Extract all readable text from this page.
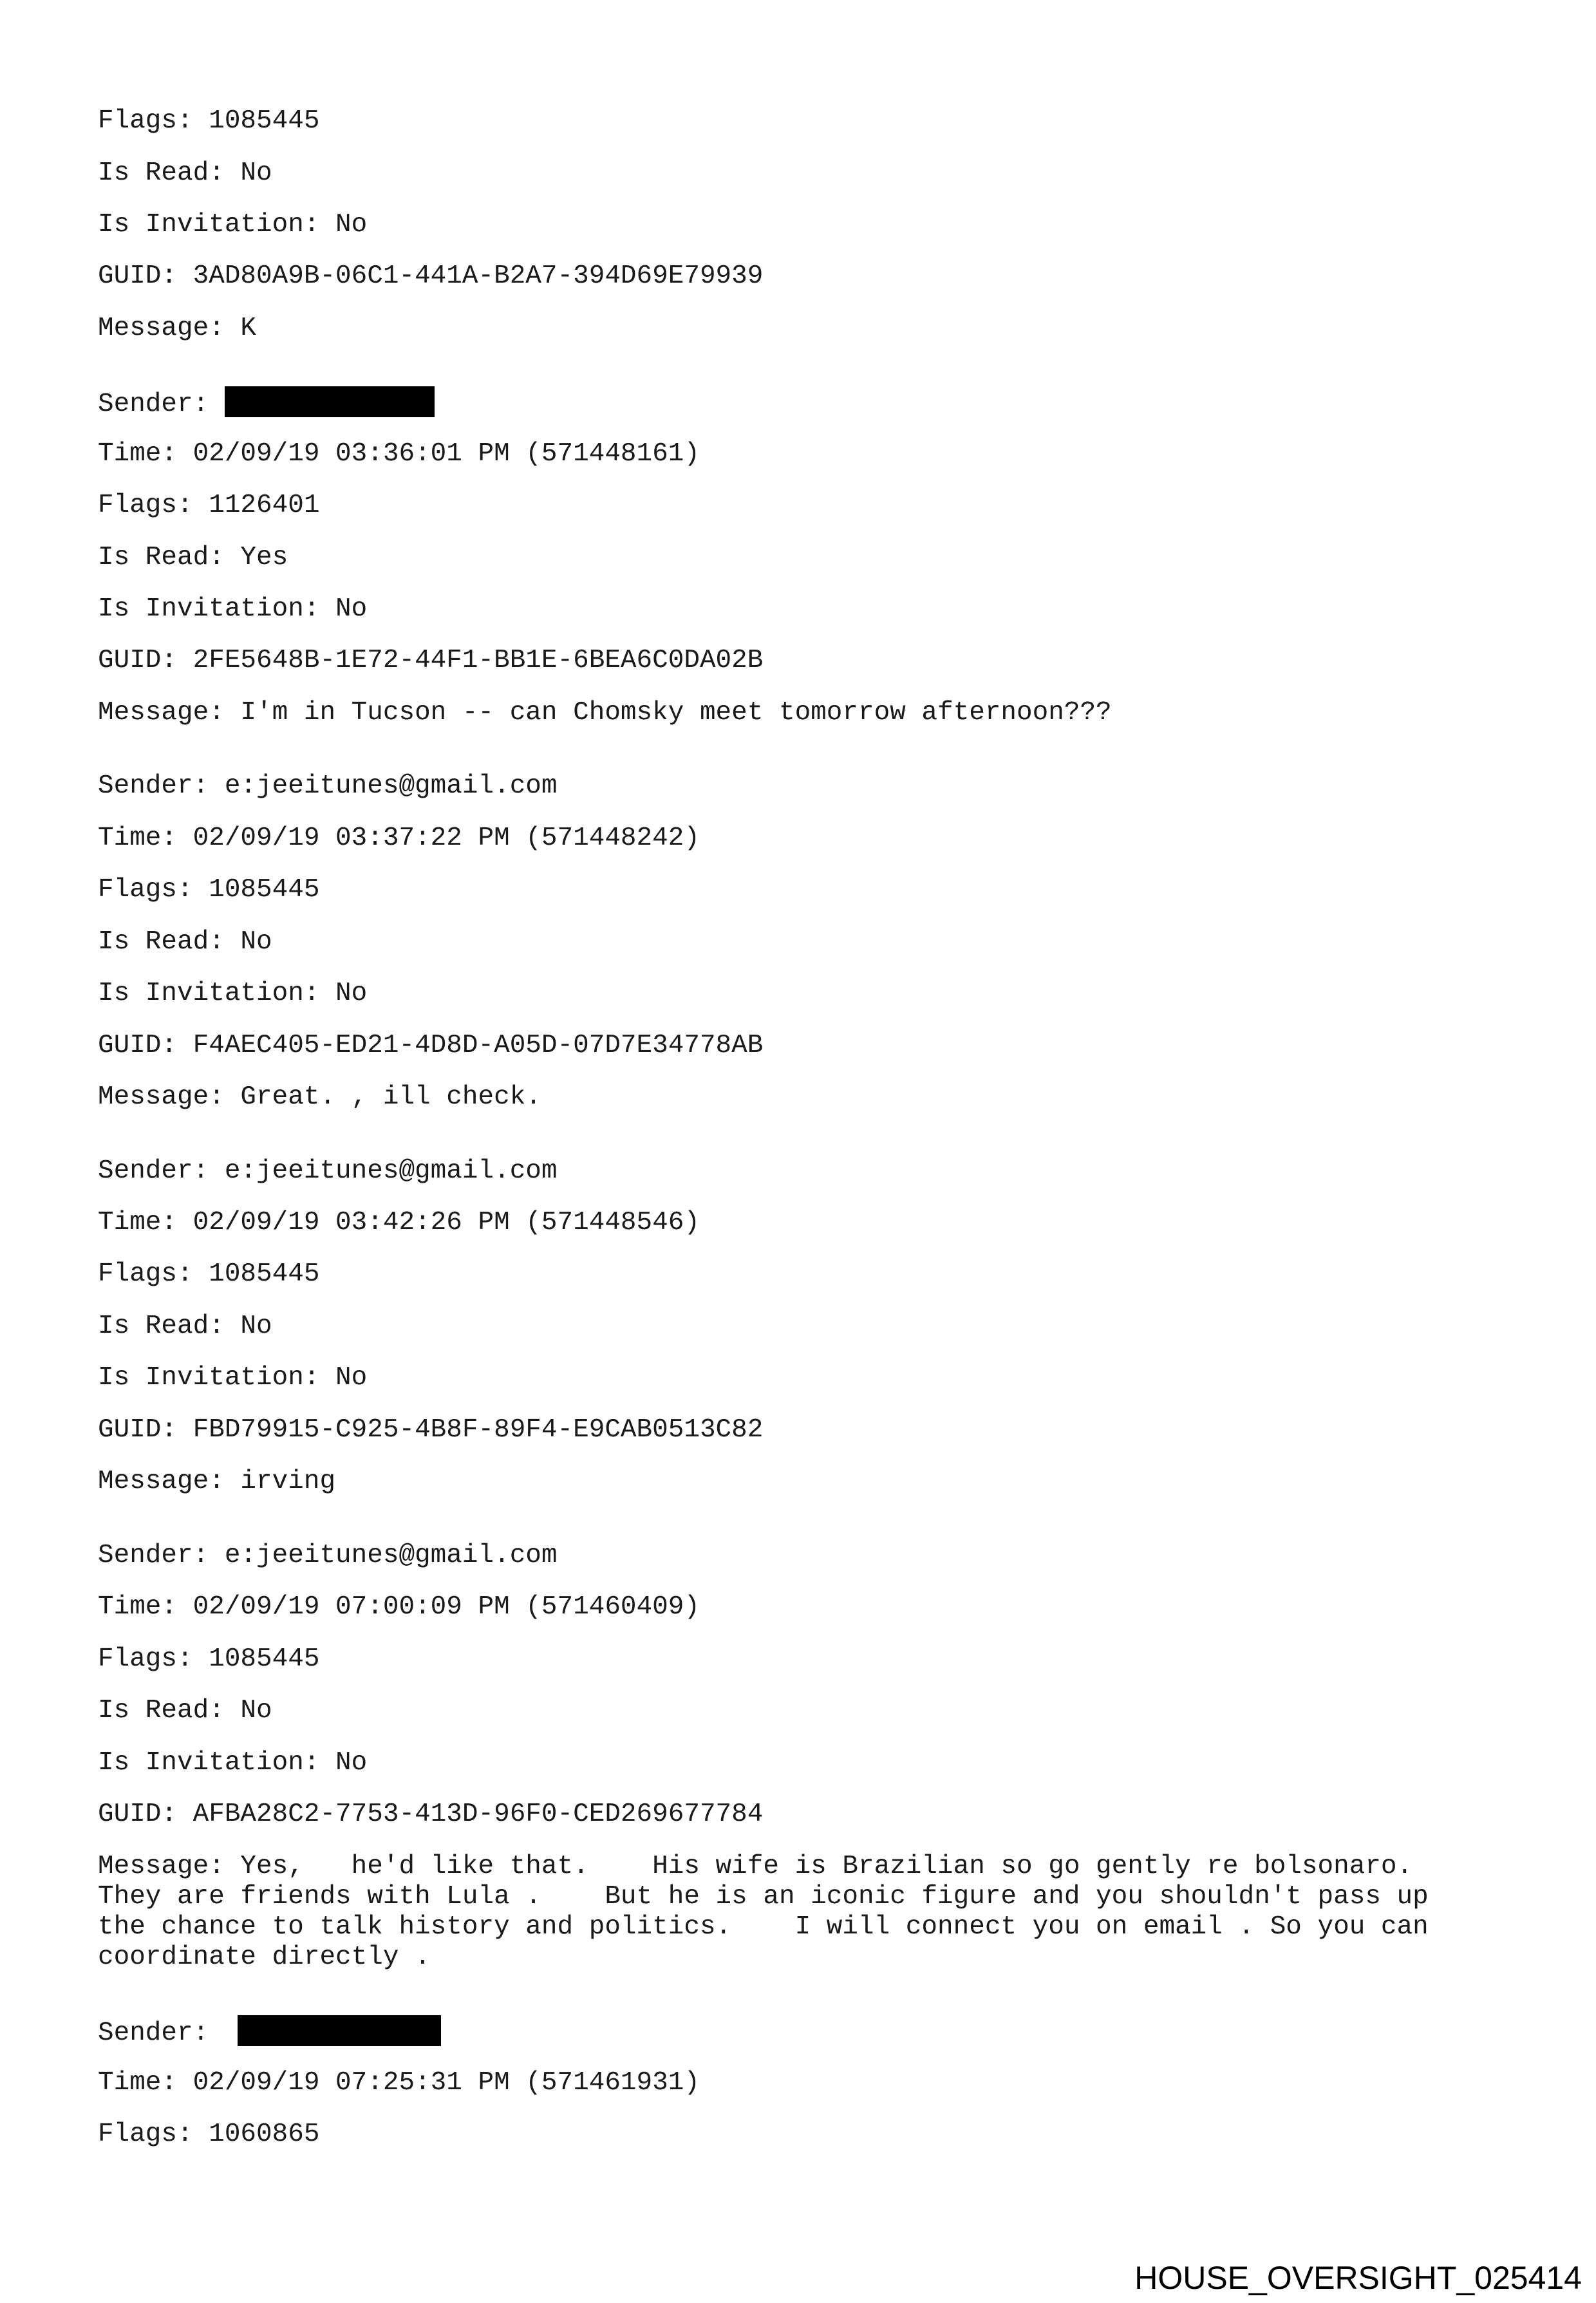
Flags: 1085445
Is Read: No
Is Invitation: No
GUID: 3AD80A9B-06C1-441A-B2A7-394D69E79939
Message: K
Sender:
Time: 02/09/19 03:36:01 PM (571448161)
Flags: 1126401
Is Read: Yes
Is Invitation: No
GUID: 2FE5648B-1E72-44F1-BB1E-6BEA6C0DA02B
Message: I'm in Tucson -- can Chomsky meet tomorrow afternoon???
Sender: e:jeeitunes@gmail.com
Time: 02/09/19 03:37:22 PM (571448242)
Flags: 1085445
Is Read: No
Is Invitation: No
GUID: F4AEC405-ED21-4D8D-A05D-07D7E34778AB
Message: Great. , ill check.
Sender: e:jeeitunes@gmail.com
Time: 02/09/19 03:42:26 PM (571448546)
Flags: 1085445
Is Read: No
Is Invitation: No
GUID: FBD79915-C925-4B8F-89F4-E9CAB0513C82
Message: irving
Sender: e:jeeitunes@gmail.com
Time: 02/09/19 07:00:09 PM (571460409)
Flags: 1085445
Is Read: No
Is Invitation: No
GUID: AFBA28C2-7753-413D-96F0-CED269677784
Message: Yes,   he'd like that.    His wife is Brazilian so go gently re bolsonaro.
They are friends with Lula .    But he is an iconic figure and you shouldn't pass up
the chance to talk history and politics.    I will connect you on email . So you can
coordinate directly .
Sender:
Time: 02/09/19 07:25:31 PM (571461931)
Flags: 1060865
HOUSE_OVERSIGHT_025414
